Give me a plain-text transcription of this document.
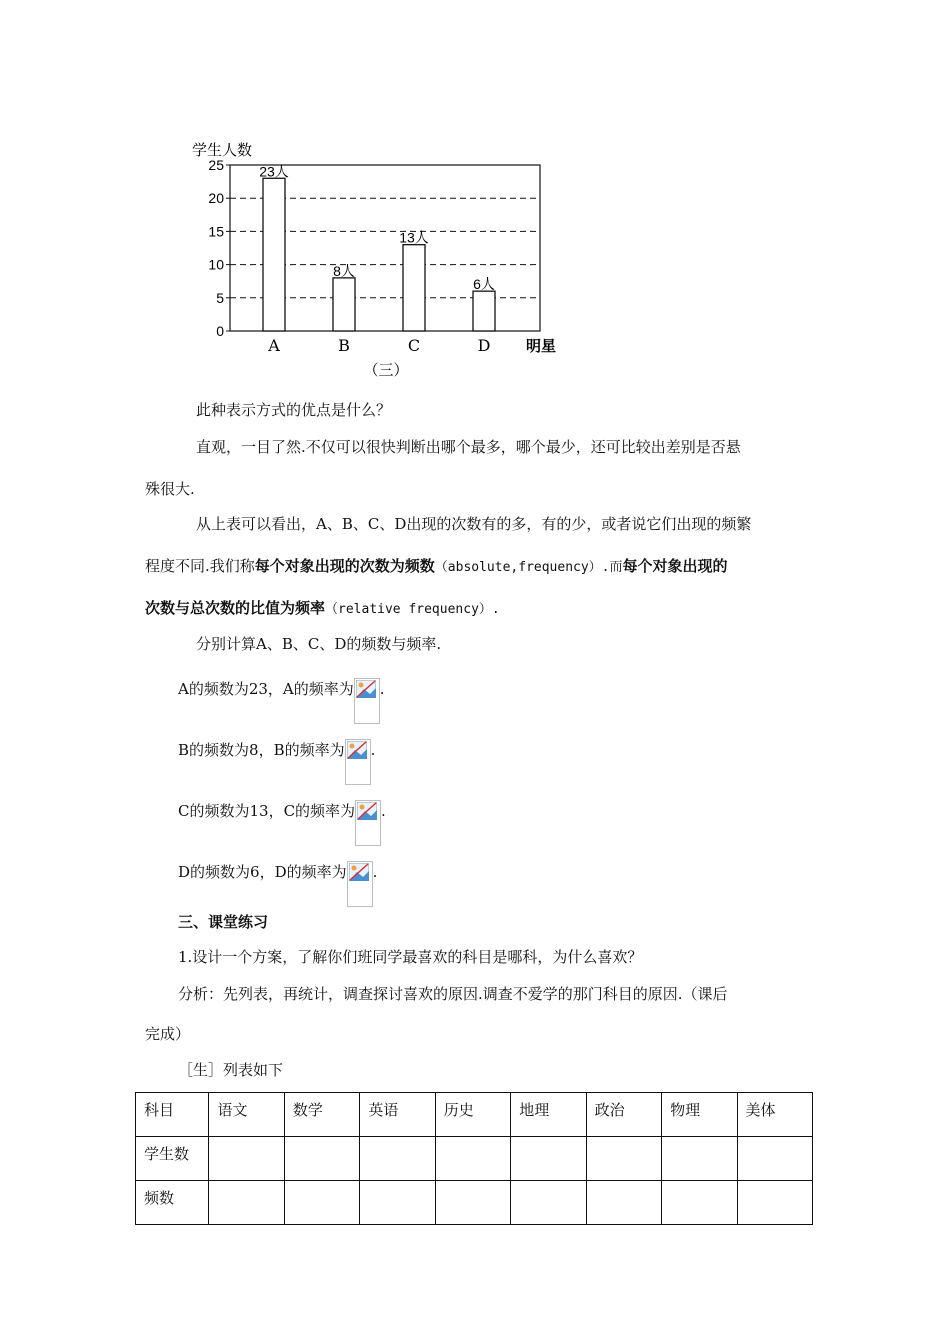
0
5
10
15
20
25
学生人数
23人
A
8人
B
13人
C
6人
D 明星
（三）
此种表示方式的优点是什么？
直观，一目了然.不仅可以很快判断出哪个最多，哪个最少，还可比较出差别是否悬
殊很大.
从上表可以看出，A、B、C、D出现的次数有的多，有的少，或者说它们出现的频繁
程度不同.我们称每个对象出现的次数为频数（absolute,frequency）.而每个对象出现的
次数与总次数的比值为频率（relative frequency）.
分别计算A、B、C、D的频数与频率.
A的频数为23，A的频率为 .
B的频数为8，B的频率为 .
C的频数为13，C的频率为 .
D的频数为6，D的频率为 .
三、课堂练习
1.设计一个方案，了解你们班同学最喜欢的科目是哪科，为什么喜欢？
分析：先列表，再统计，调查探讨喜欢的原因.调查不爱学的那门科目的原因.（课后
完成）
［生］列表如下
科目	语文	数学	英语	历史	地理	政治	物理	美体
学生数								
频数								
